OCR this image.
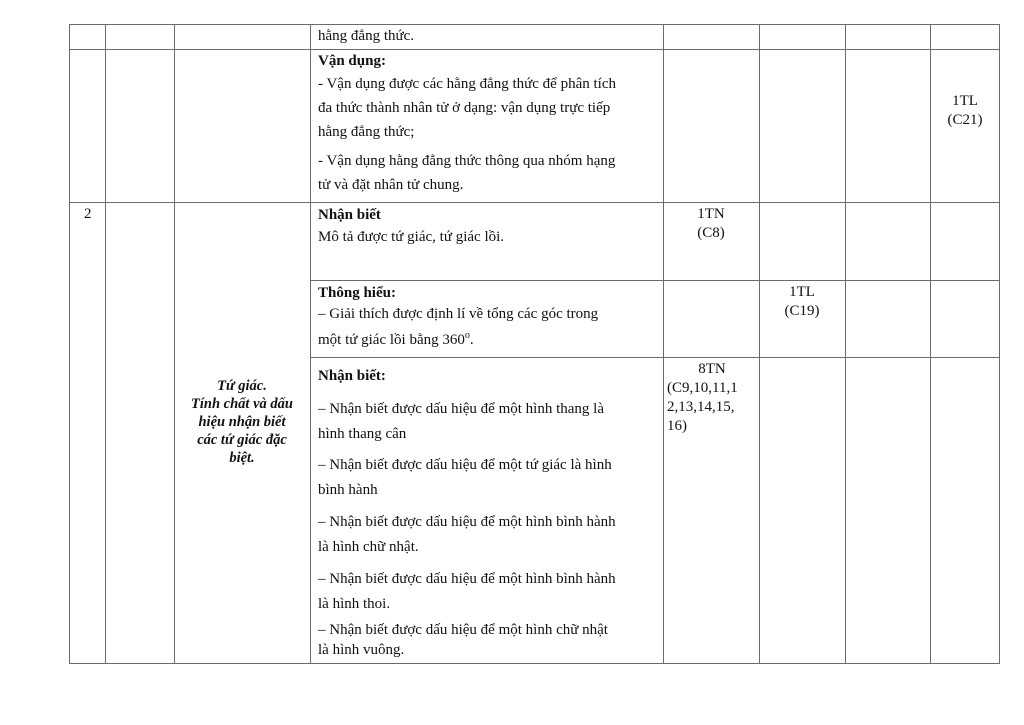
hằng đẳng thức.

Vận dụng:

- Vận dụng được các hằng đẳng thức để phân tích

đa thức thành nhân tử ở dạng: vận dụng trực tiếp

hằng đẳng thức;

- Vận dụng hằng đẳng thức thông qua nhóm hạng

tử và đặt nhân tử chung.

1TL
(C21)
2	Nhận biết

Mô tả được tứ giác, tứ giác lồi.

1TN
(C8)

Thông hiểu:

– Giải thích được định lí về tổng các góc trong

một tứ giác lồi bằng 360$^o$.

1TL
(C19)
Tứ giác.
Tính chất và dấu
hiệu nhận biết
các tứ giác đặc
biệt.

Nhận biết:

– Nhận biết được dấu hiệu để một hình thang là

hình thang cân

– Nhận biết được dấu hiệu để một tứ giác là hình

bình hành

– Nhận biết được dấu hiệu để một hình bình hành

là hình chữ nhật.

– Nhận biết được dấu hiệu để một hình bình hành

là hình thoi.

– Nhận biết được dấu hiệu để một hình chữ nhật

là hình vuông.

8TN
(C9,10,11,1
2,13,14,15,
16)
